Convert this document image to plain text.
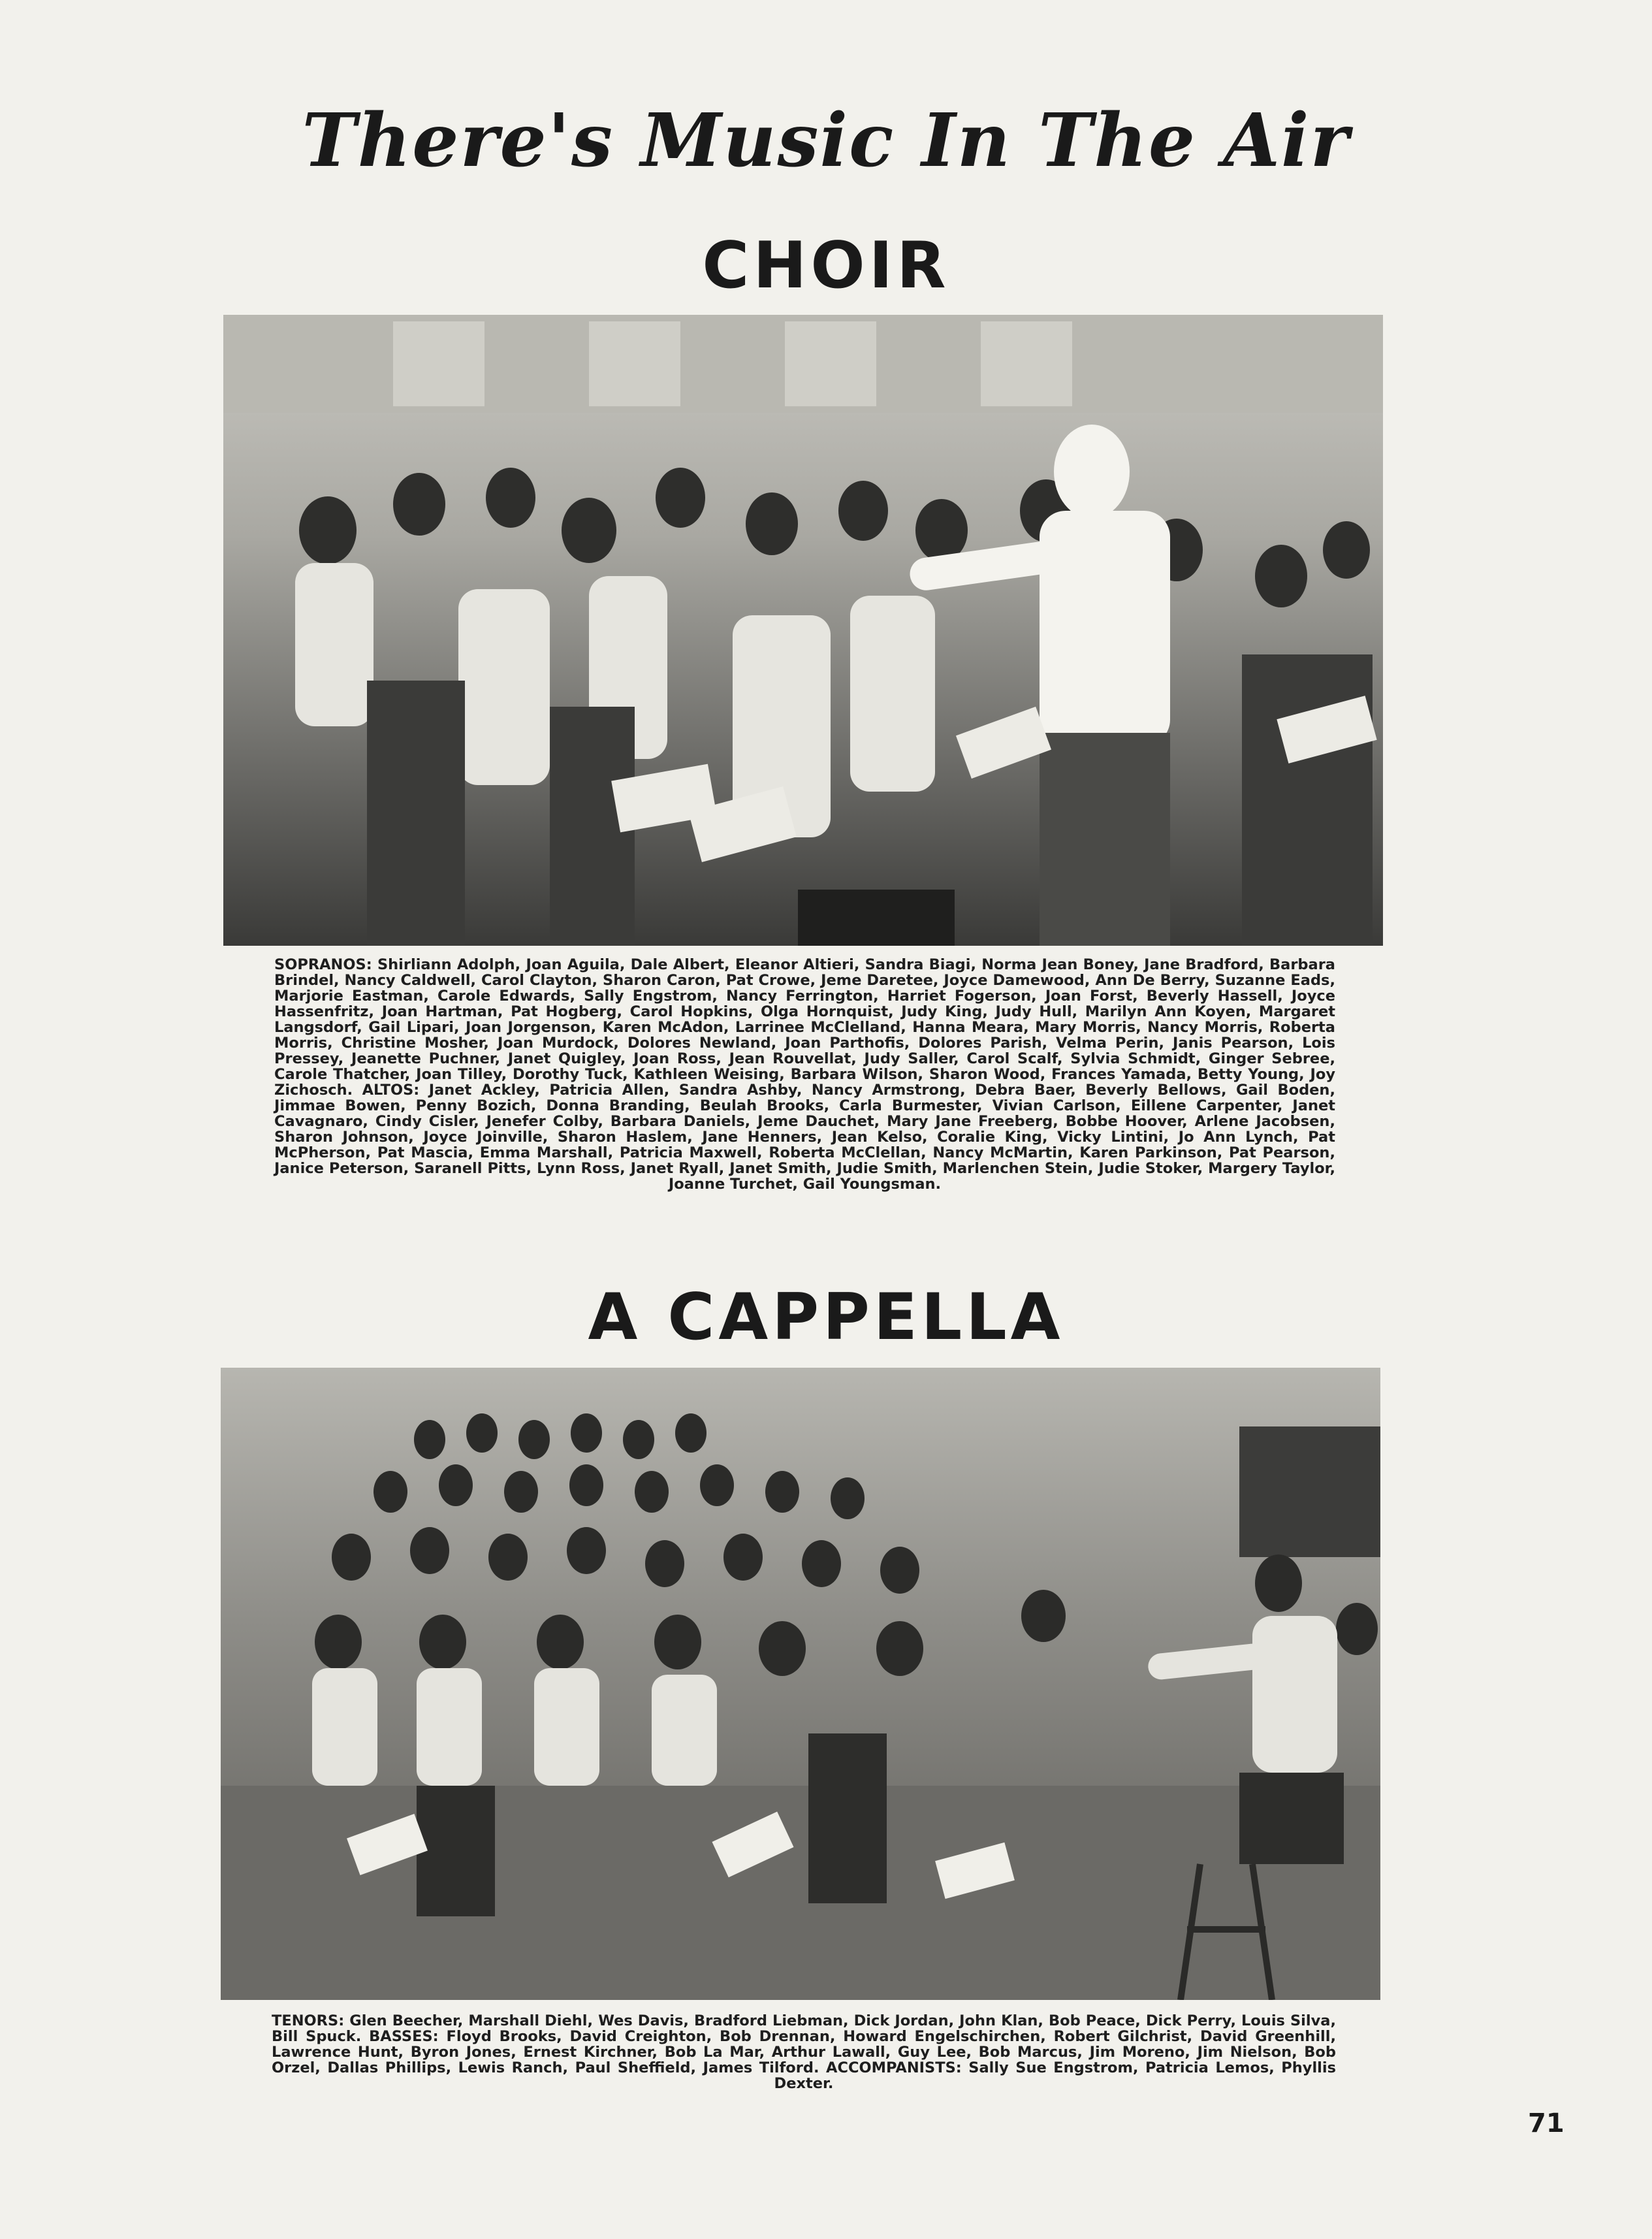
There's Music In The Air
CHOIR
SOPRANOS: Shirliann Adolph, Joan Aguila, Dale Albert, Eleanor Altieri, Sandra Biagi, Norma Jean Boney, Jane Bradford, Barbara Brindel, Nancy Caldwell, Carol Clayton, Sharon Caron, Pat Crowe, Jeme Daretee, Joyce Damewood, Ann De Berry, Suzanne Eads, Marjorie Eastman, Carole Edwards, Sally Engstrom, Nancy Ferrington, Harriet Fogerson, Joan Forst, Beverly Hassell, Joyce Hassenfritz, Joan Hartman, Pat Hogberg, Carol Hopkins, Olga Hornquist, Judy King, Judy Hull, Marilyn Ann Koyen, Margaret Langsdorf, Gail Lipari, Joan Jorgenson, Karen McAdon, Larrinee McClelland, Hanna Meara, Mary Morris, Nancy Morris, Roberta Morris, Christine Mosher, Joan Murdock, Dolores Newland, Joan Parthofis, Dolores Parish, Velma Perin, Janis Pearson, Lois Pressey, Jeanette Puchner, Janet Quigley, Joan Ross, Jean Rouvellat, Judy Saller, Carol Scalf, Sylvia Schmidt, Ginger Sebree, Carole Thatcher, Joan Tilley, Dorothy Tuck, Kathleen Weising, Barbara Wilson, Sharon Wood, Frances Yamada, Betty Young, Joy Zichosch. ALTOS: Janet Ackley, Patricia Allen, Sandra Ashby, Nancy Armstrong, Debra Baer, Beverly Bellows, Gail Boden, Jimmae Bowen, Penny Bozich, Donna Branding, Beulah Brooks, Carla Burmester, Vivian Carlson, Eillene Carpenter, Janet Cavagnaro, Cindy Cisler, Jenefer Colby, Barbara Daniels, Jeme Dauchet, Mary Jane Freeberg, Bobbe Hoover, Arlene Jacobsen, Sharon Johnson, Joyce Joinville, Sharon Haslem, Jane Henners, Jean Kelso, Coralie King, Vicky Lintini, Jo Ann Lynch, Pat McPherson, Pat Mascia, Emma Marshall, Patricia Maxwell, Roberta McClellan, Nancy McMartin, Karen Parkinson, Pat Pearson, Janice Peterson, Saranell Pitts, Lynn Ross, Janet Ryall, Janet Smith, Judie Smith, Marlenchen Stein, Judie Stoker, Margery Taylor, Joanne Turchet, Gail Youngsman.
A CAPPELLA
TENORS: Glen Beecher, Marshall Diehl, Wes Davis, Bradford Liebman, Dick Jordan, John Klan, Bob Peace, Dick Perry, Louis Silva, Bill Spuck. BASSES: Floyd Brooks, David Creighton, Bob Drennan, Howard Engelschirchen, Robert Gilchrist, David Greenhill, Lawrence Hunt, Byron Jones, Ernest Kirchner, Bob La Mar, Arthur Lawall, Guy Lee, Bob Marcus, Jim Moreno, Jim Nielson, Bob Orzel, Dallas Phillips, Lewis Ranch, Paul Sheffield, James Tilford. ACCOMPANISTS: Sally Sue Engstrom, Patricia Lemos, Phyllis Dexter.
71
